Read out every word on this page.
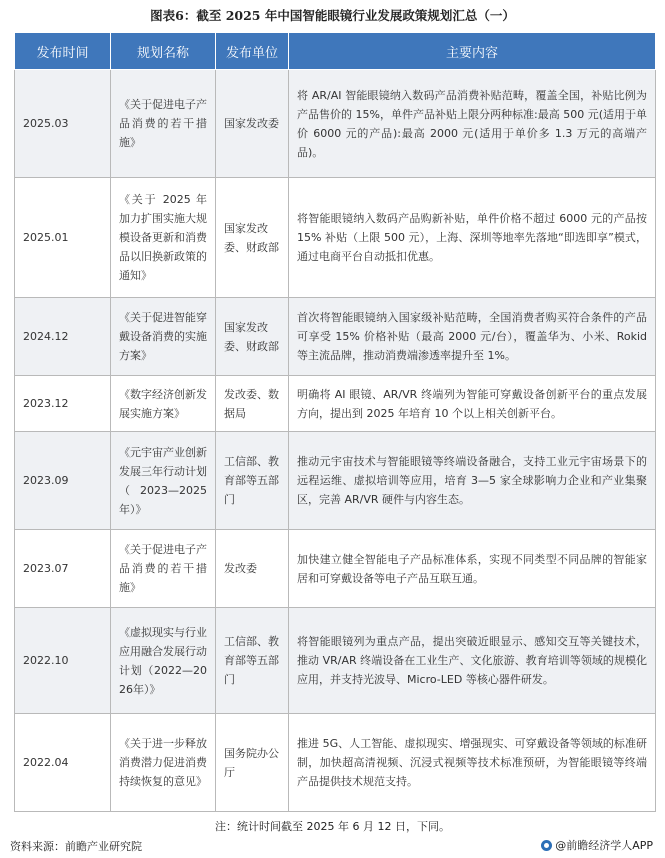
图表6：截至 2025 年中国智能眼镜行业发展政策规划汇总（一）
发布时间	规划名称	发布单位	主要内容
2025.03	《关于促进电子产品消费的若干措施》	国家发改委	将 AR/AI 智能眼镜纳入数码产品消费补贴范畴，覆盖全国，补贴比例为产品售价的 15%，单件产品补贴上限分两种标准:最高 500 元(适用于单价 6000 元的产品):最高 2000 元(适用于单价多 1.3 万元的高端产品)。
2025.01	《关于 2025 年加力扩围实施大规模设备更新和消费品以旧换新政策的通知》	国家发改委、财政部	将智能眼镜纳入数码产品购新补贴，单件价格不超过 6000 元的产品按 15% 补贴（上限 500 元），上海、深圳等地率先落地“即选即享”模式，通过电商平台自动抵扣优惠。
2024.12	《关于促进智能穿戴设备消费的实施方案》	国家发改委、财政部	首次将智能眼镜纳入国家级补贴范畴，全国消费者购买符合条件的产品可享受 15% 价格补贴（最高 2000 元/台），覆盖华为、小米、Rokid 等主流品牌，推动消费端渗透率提升至 1%。
2023.12	《数字经济创新发展实施方案》	发改委、数据局	明确将 AI 眼镜、AR/VR 终端列为智能可穿戴设备创新平台的重点发展方向，提出到 2025 年培育 10 个以上相关创新平台。
2023.09	《元宇宙产业创新发展三年行动计划（2023—2025 年）》	工信部、教育部等五部门	推动元宇宙技术与智能眼镜等终端设备融合，支持工业元宇宙场景下的远程运维、虚拟培训等应用，培育 3—5 家全球影响力企业和产业集聚区，完善 AR/VR 硬件与内容生态。
2023.07	《关于促进电子产品消费的若干措施》	发改委	加快建立健全智能电子产品标准体系，实现不同类型不同品牌的智能家居和可穿戴设备等电子产品互联互通。
2022.10	《虚拟现实与行业应用融合发展行动计划（2022—2026年）》	工信部、教育部等五部门	将智能眼镜列为重点产品，提出突破近眼显示、感知交互等关键技术，推动 VR/AR 终端设备在工业生产、文化旅游、教育培训等领域的规模化应用，并支持光波导、Micro-LED 等核心器件研发。
2022.04	《关于进一步释放消费潜力促进消费持续恢复的意见》	国务院办公厅	推进 5G、人工智能、虚拟现实、增强现实、可穿戴设备等领域的标准研制，加快超高清视频、沉浸式视频等技术标准预研，为智能眼镜等终端产品提供技术规范支持。
注：统计时间截至 2025 年 6 月 12 日，下同。
资料来源：前瞻产业研究院	@前瞻经济学人APP
